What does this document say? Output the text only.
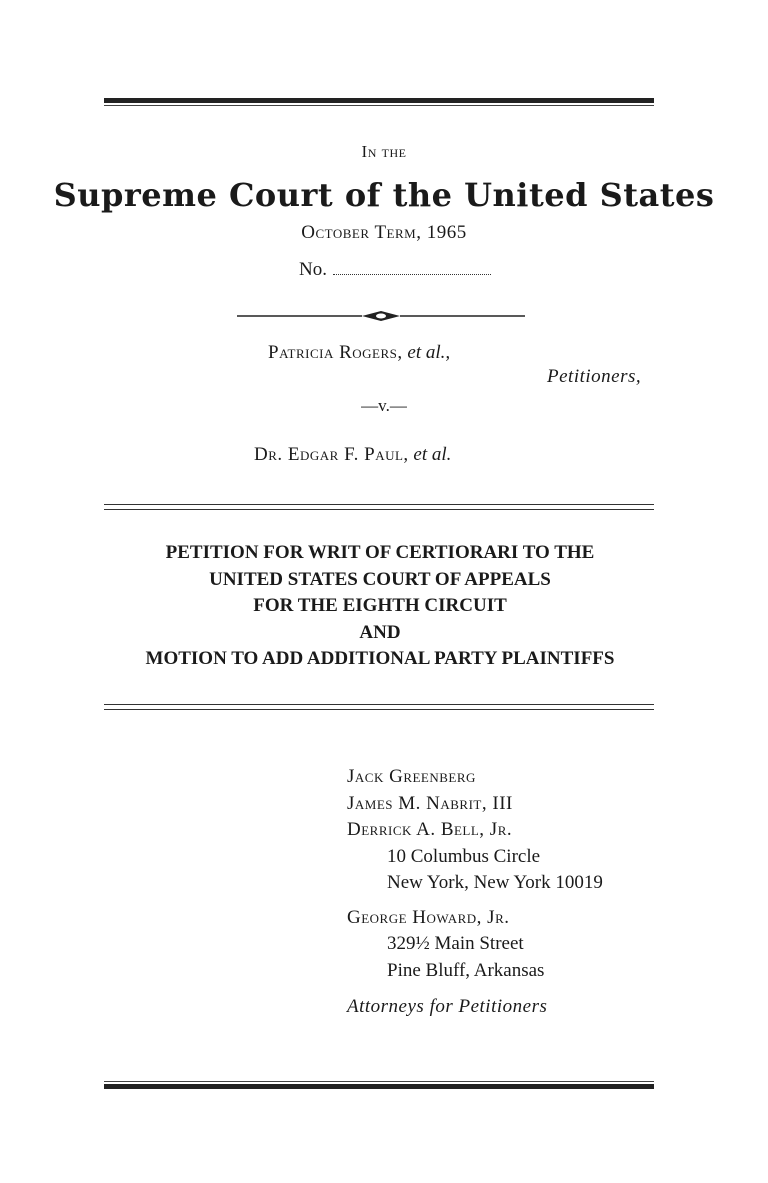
In the
Supreme Court of the United States
October Term, 1965
No.
Patricia Rogers, et al.,
Petitioners,
—v.—
Dr. Edgar F. Paul, et al.
PETITION FOR WRIT OF CERTIORARI TO THE
UNITED STATES COURT OF APPEALS
FOR THE EIGHTH CIRCUIT
AND
MOTION TO ADD ADDITIONAL PARTY PLAINTIFFS
Jack Greenberg
James M. Nabrit, III
Derrick A. Bell, Jr.
10 Columbus Circle
New York, New York 10019
George Howard, Jr.
329½ Main Street
Pine Bluff, Arkansas
Attorneys for Petitioners
